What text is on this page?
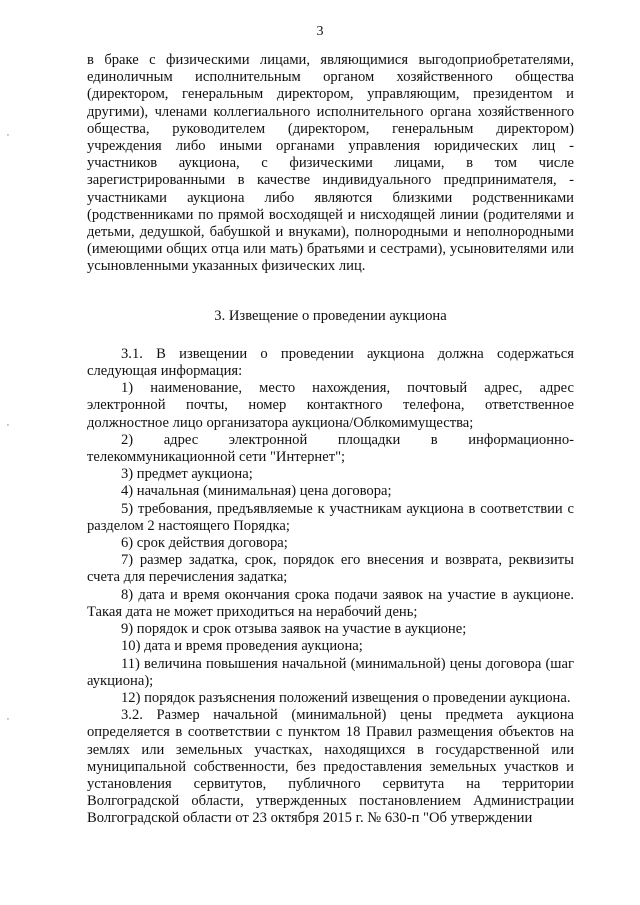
3
,
,
,

в браке с физическими лицами, являющимися выгодоприобретателями, единоличным исполнительным органом хозяйственного общества (директором, генеральным директором, управляющим, президентом и другими), членами коллегиального исполнительного органа хозяйственного общества, руководителем (директором, генеральным директором) учреждения либо иными органами управления юридических лиц - участников аукциона, с физическими лицами, в том числе зарегистрированными в качестве индивидуального предпринимателя, - участниками аукциона либо являются близкими родственниками (родственниками по прямой восходящей и нисходящей линии (родителями и детьми, дедушкой, бабушкой и внуками), полнородными и неполнородными (имеющими общих отца или мать) братьями и сестрами), усыновителями или усыновленными указанных физических лиц.

3. Извещение о проведении аукциона

3.1. В извещении о проведении аукциона должна содержаться следующая информация:

1) наименование, место нахождения, почтовый адрес, адрес электронной почты, номер контактного телефона, ответственное должностное лицо организатора аукциона/Облкомимущества;

2) адрес электронной площадки в информационно-телекоммуникационной сети "Интернет";

3) предмет аукциона;

4) начальная (минимальная) цена договора;

5) требования, предъявляемые к участникам аукциона в соответствии с разделом 2 настоящего Порядка;

6) срок действия договора;

7) размер задатка, срок, порядок его внесения и возврата, реквизиты счета для перечисления задатка;

8) дата и время окончания срока подачи заявок на участие в аукционе. Такая дата не может приходиться на нерабочий день;

9) порядок и срок отзыва заявок на участие в аукционе;

10) дата и время проведения аукциона;

11) величина повышения начальной (минимальной) цены договора (шаг аукциона);

12) порядок разъяснения положений извещения о проведении аукциона.

3.2. Размер начальной (минимальной) цены предмета аукциона определяется в соответствии с пунктом 18 Правил размещения объектов на землях или земельных участках, находящихся в государственной или муниципальной собственности, без предоставления земельных участков и установления сервитутов, публичного сервитута на территории Волгоградской области, утвержденных постановлением Администрации Волгоградской области от 23 октября 2015 г. № 630-п "Об утверждении
